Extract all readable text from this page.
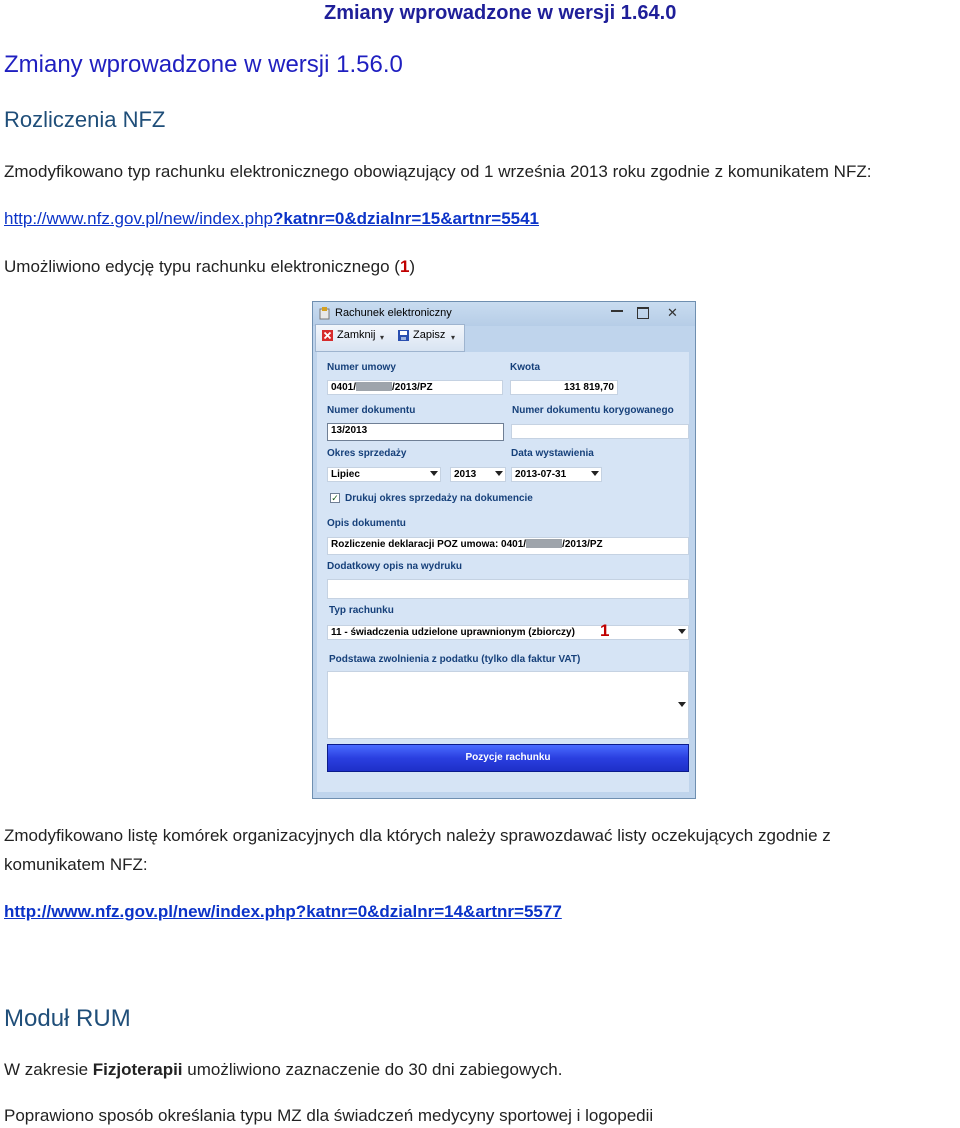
Zmiany wprowadzone w wersji 1.64.0
Zmiany wprowadzone w wersji 1.56.0
Rozliczenia NFZ
Zmodyfikowano typ rachunku elektronicznego obowiązujący od 1 września 2013 roku zgodnie z komunikatem NFZ:
http://www.nfz.gov.pl/new/index.php?katnr=0&dzialnr=15&artnr=5541
Umożliwiono edycję typu rachunku elektronicznego (1)
Rachunek elektroniczny	✕
Zamknij ▾	Zapisz ▾
Numer umowy	Kwota
0401/	/2013/PZ	131 819,70
Numer dokumentu	Numer dokumentu korygowanego
13/2013
Okres sprzedaży	Data wystawienia
Lipiec	2013	2013-07-31
✓ Drukuj okres sprzedaży na dokumencie
Opis dokumentu
Rozliczenie deklaracji POZ umowa: 0401/	/2013/PZ
Dodatkowy opis na wydruku
Typ rachunku
11 - świadczenia udzielone uprawnionym (zbiorczy)	1
Podstawa zwolnienia z podatku (tylko dla faktur VAT)
Pozycje rachunku
Zmodyfikowano listę komórek organizacyjnych dla których należy sprawozdawać listy oczekujących zgodnie z
komunikatem NFZ:
http://www.nfz.gov.pl/new/index.php?katnr=0&dzialnr=14&artnr=5577
Moduł RUM
W zakresie Fizjoterapii umożliwiono zaznaczenie do 30 dni zabiegowych.
Poprawiono sposób określania typu MZ dla świadczeń medycyny sportowej i logopedii
